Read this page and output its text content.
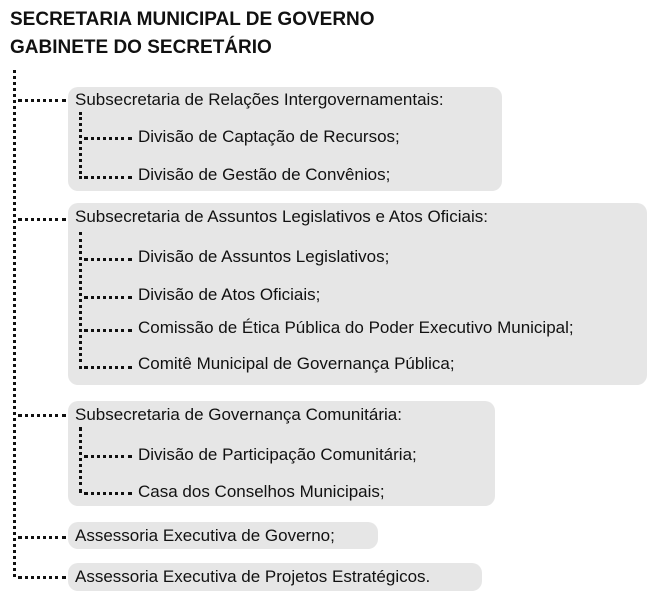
SECRETARIA MUNICIPAL DE GOVERNO
GABINETE DO SECRETÁRIO
Subsecretaria de Relações Intergovernamentais:
Divisão de Captação de Recursos;
Divisão de Gestão de Convênios;
Subsecretaria de Assuntos Legislativos e Atos Oficiais:
Divisão de Assuntos Legislativos;
Divisão de Atos Oficiais;
Comissão de Ética Pública do Poder Executivo Municipal;
Comitê Municipal de Governança Pública;
Subsecretaria de Governança Comunitária:
Divisão de Participação Comunitária;
Casa dos Conselhos Municipais;
Assessoria Executiva de Governo;
Assessoria Executiva de Projetos Estratégicos.
